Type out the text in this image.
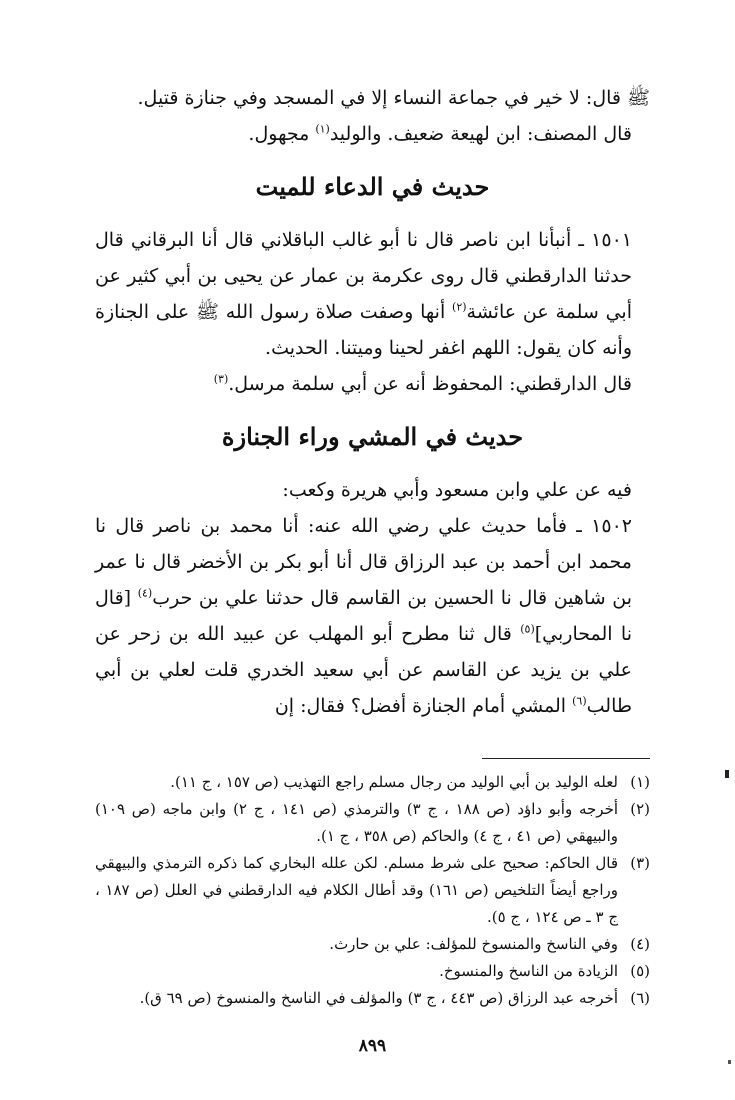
ﷺ قال: لا خير في جماعة النساء إلا في المسجد وفي جنازة قتيل.

قال المصنف: ابن لهيعة ضعيف. والوليد$^{(١)}$ مجهول.

حديث في الدعاء للميت

١٥٠١ ـ أنبأنا ابن ناصر قال نا أبو غالب الباقلاني قال أنا البرقاني قال حدثنا الدارقطني قال روى عكرمة بن عمار عن يحيى بن أبي كثير عن أبي سلمة عن عائشة$^{(٢)}$ أنها وصفت صلاة رسول الله ﷺ على الجنازة وأنه كان يقول: اللهم اغفر لحينا وميتنا. الحديث.

قال الدارقطني: المحفوظ أنه عن أبي سلمة مرسل.$^{(٣)}$

حديث في المشي وراء الجنازة

فيه عن علي وابن مسعود وأبي هريرة وكعب:

١٥٠٢ ـ فأما حديث علي رضي الله عنه: أنا محمد بن ناصر قال نا محمد ابن أحمد بن عبد الرزاق قال أنا أبو بكر بن الأخضر قال نا عمر بن شاهين قال نا الحسين بن القاسم قال حدثنا علي بن حرب$^{(٤)}$ [قال نا المحاربي]$^{(٥)}$ قال ثنا مطرح أبو المهلب عن عبيد الله بن زحر عن علي بن يزيد عن القاسم عن أبي سعيد الخدري قلت لعلي بن أبي طالب$^{(٦)}$ المشي أمام الجنازة أفضل؟ فقال: إن

(١)
لعله الوليد بن أبي الوليد من رجال مسلم راجع التهذيب (ص ١٥٧ ، ج ١١).

(٢)
أخرجه وأبو داؤد (ص ١٨٨ ، ج ٣) والترمذي (ص ١٤١ ، ج ٢) وابن ماجه (ص ١٠٩) والبيهقي (ص ٤١ ، ج ٤) والحاكم (ص ٣٥٨ ، ج ١).

(٣)
قال الحاكم: صحيح على شرط مسلم. لكن علله البخاري كما ذكره الترمذي والبيهقي وراجع أيضاً التلخيص (ص ١٦١) وقد أطال الكلام فيه الدارقطني في العلل (ص ١٨٧ ، ج ٣ ـ ص ١٢٤ ، ج ٥).

(٤)
وفي الناسخ والمنسوخ للمؤلف: علي بن حارث.

(٥)
الزيادة من الناسخ والمنسوخ.

(٦)
أخرجه عبد الرزاق (ص ٤٤٣ ، ج ٣) والمؤلف في الناسخ والمنسوخ (ص ٦٩ ق).

٨٩٩
